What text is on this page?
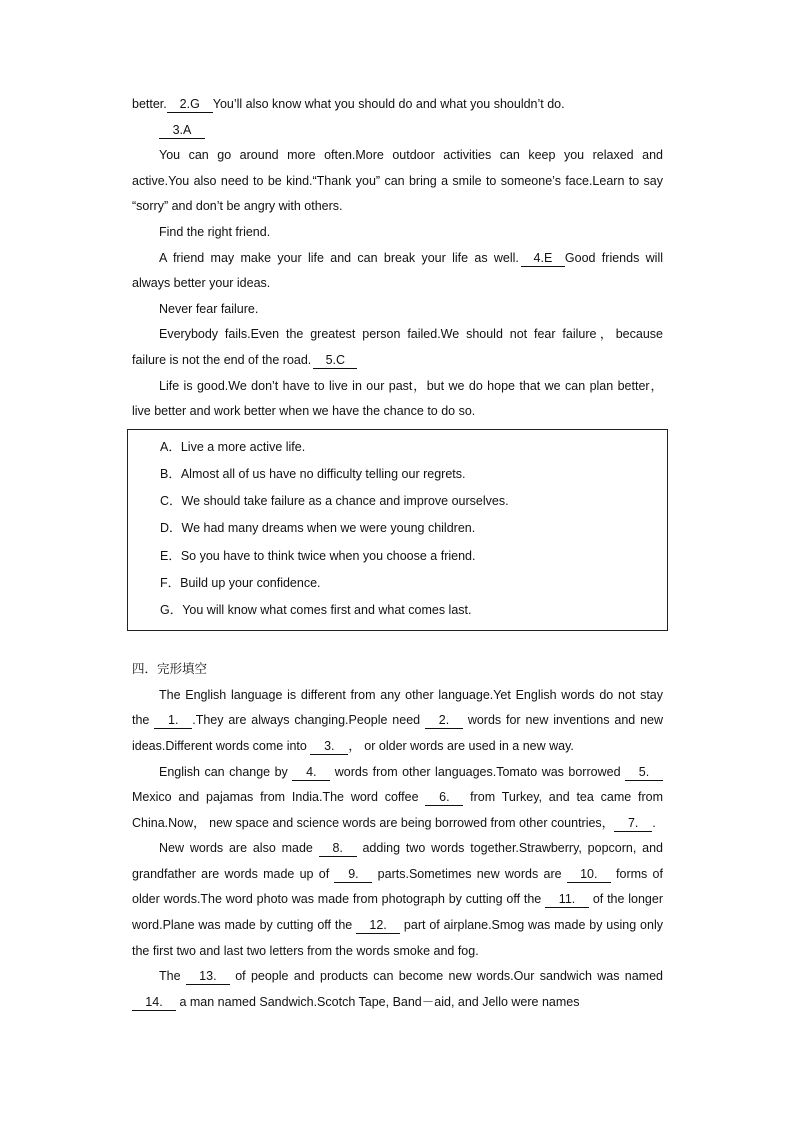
better. 2.G You’ll also know what you should do and what you shouldn’t do.

3.A

You can go around more often.More outdoor activities can keep you relaxed and active.You also need to be kind.“Thank you” can bring a smile to someone’s face.Learn to say “sorry” and don’t be angry with others.

Find the right friend.

A friend may make your life and can break your life as well. 4.E Good friends will always better your ideas.

Never fear failure.

Everybody fails.Even the greatest person failed.We should not fear failure，because failure is not the end of the road. 5.C

Life is good.We don’t have to live in our past，but we do hope that we can plan better，live better and work better when we have the chance to do so.

A．Live a more active life.

B．Almost all of us have no difficulty telling our regrets.

C．We should take failure as a chance and improve ourselves.

D．We had many dreams when we were young children.

E．So you have to think twice when you choose a friend.

F．Build up your confidence.

G．You will know what comes first and what comes last.

四．完形填空

The English language is different from any other language.Yet English words do not stay the 1. .They are always changing.People need 2. words for new inventions and new ideas.Different words come into 3. ， or older words are used in a new way.

English can change by 4. words from other languages.Tomato was borrowed 5.Mexico and pajamas from India.The word coffee 6. from Turkey, and tea came from China.Now， new space and science words are being borrowed from other countries， 7. .

New words are also made 8. adding two words together.Strawberry, popcorn, and grandfather are words made up of 9. parts.Sometimes new words are 10. forms of older words.The word photo was made from photograph by cutting off the 11. of the longer word.Plane was made by cutting off the 12. part of airplane.Smog was made by using only the first two and last two letters from the words smoke and fog.

The 13. of people and products can become new words.Our sandwich was named 14. a man named Sandwich.Scotch Tape, Band－aid, and Jello were names
